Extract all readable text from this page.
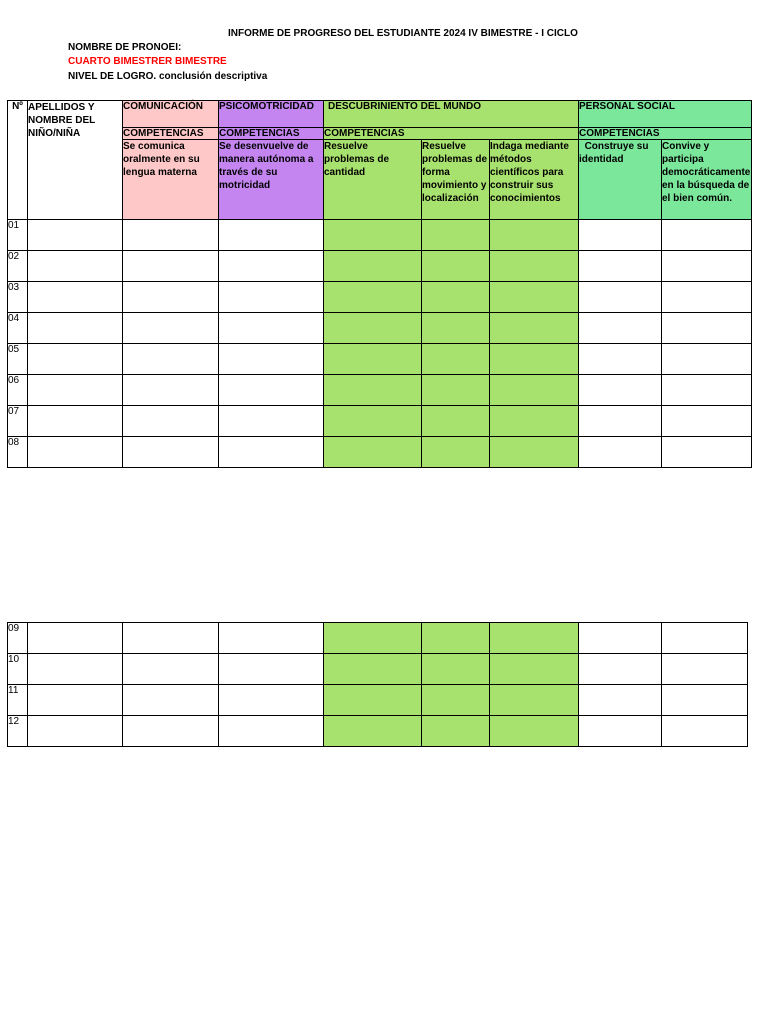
INFORME DE PROGRESO DEL ESTUDIANTE 2024 IV BIMESTRE - I CICLO
NOMBRE DE PRONOEI:
CUARTO BIMESTRER BIMESTRE
NIVEL DE LOGRO. conclusión descriptiva
Nº	APELLIDOS Y NOMBRE DEL NIÑO/NIÑA	COMUNICACIÓN	PSICOMOTRICIDAD	DESCUBRINIENTO DEL MUNDO			PERSONAL SOCIAL	
		COMPETENCIAS	COMPETENCIAS	COMPETENCIAS			COMPETENCIAS	
		Se comunica oralmente en su lengua materna	Se desenvuelve de manera autónoma a través de su motricidad	Resuelve problemas de cantidad	Resuelve problemas de forma movimiento y localización	Indaga mediante métodos científicos para construir sus conocimientos	Construye su identidad	Convive y participa democráticamente en la búsqueda de el bien común.
01								
02								
03								
04								
05								
06								
07								
08								
09								
10								
11								
12								
